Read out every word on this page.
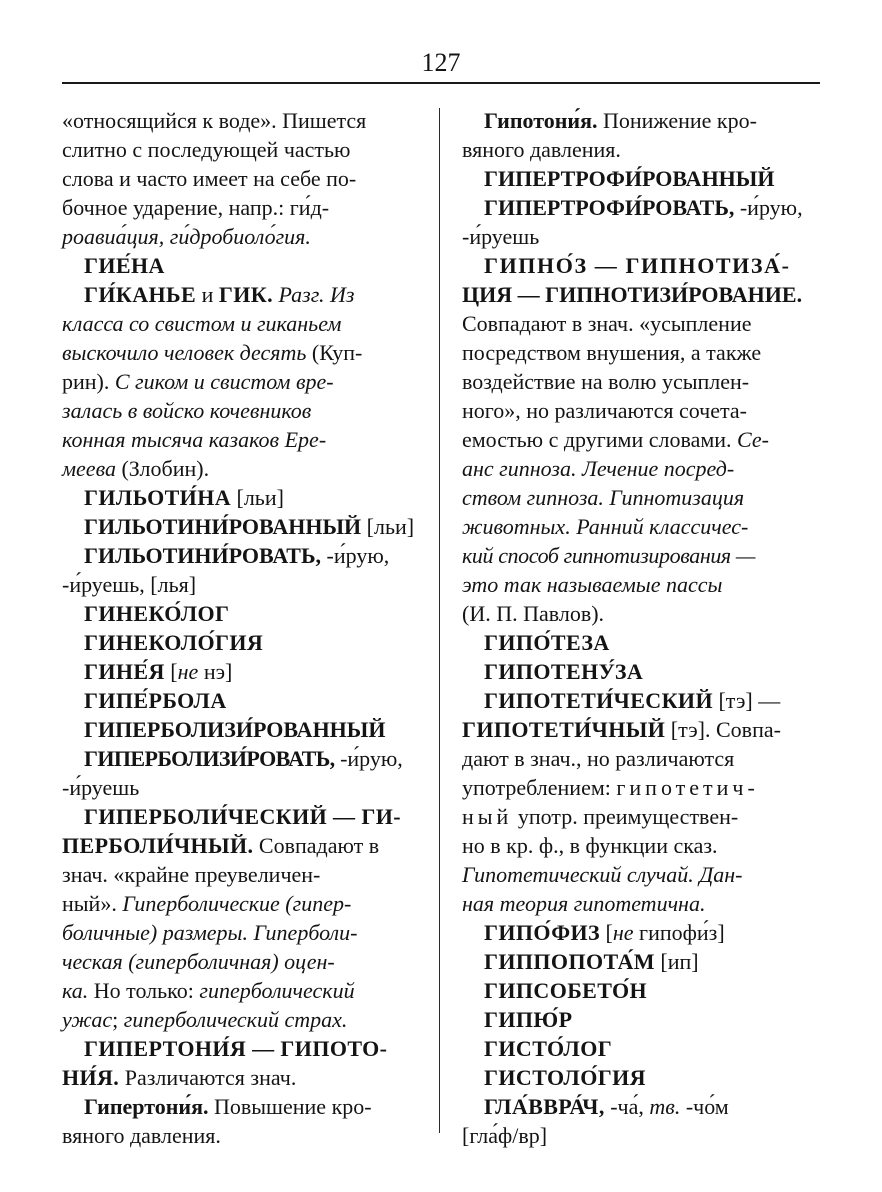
127
«относящийся к воде». Пишется
слитно с последующей частью
слова и часто имеет на себе по-
бочное ударение, напр.: ги́д-
роавиа́ция, ги́дробиоло́гия.
ГИЕ́НА
ГИ́КАНЬЕ и ГИК. Разг. Из
класса со свистом и гиканьем
выскочило человек десять (Куп-
рин). С гиком и свистом вре-
залась в войско кочевников
конная тысяча казаков Ере-
меева (Злобин).
ГИЛЬОТИ́НА [льи]
ГИЛЬОТИНИ́РОВАННЫЙ [льи]
ГИЛЬОТИНИ́РОВАТЬ, -и́рую,
-и́руешь, [лья]
ГИНЕКО́ЛОГ
ГИНЕКОЛО́ГИЯ
ГИНЕ́Я [не нэ]
ГИПЕ́РБОЛА
ГИПЕРБОЛИЗИ́РОВАННЫЙ
ГИПЕРБОЛИЗИ́РОВАТЬ, -и́рую,
-и́руешь
ГИПЕРБОЛИ́ЧЕСКИЙ — ГИ-
ПЕРБОЛИ́ЧНЫЙ. Совпадают в
знач. «крайне преувеличен-
ный». Гиперболические (гипер-
боличные) размеры. Гиперболи-
ческая (гиперболичная) оцен-
ка. Но только: гиперболический
ужас; гиперболический страх.
ГИПЕРТОНИ́Я — ГИПОТО-
НИ́Я. Различаются знач.
Гипертони́я. Повышение кро-
вяного давления.
Гипотони́я. Понижение кро-
вяного давления.
ГИПЕРТРОФИ́РОВАННЫЙ
ГИПЕРТРОФИ́РОВАТЬ, -и́рую,
-и́руешь
ГИПНО́З — ГИПНОТИЗА́-
ЦИЯ — ГИПНОТИЗИ́РОВАНИЕ.
Совпадают в знач. «усыпление
посредством внушения, а также
воздействие на волю усыплен-
ного», но различаются сочета-
емостью с другими словами. Се-
анс гипноза. Лечение посред-
ством гипноза. Гипнотизация
животных. Ранний классичес-
кий способ гипнотизирования —
это так называемые пассы
(И. П. Павлов).
ГИПО́ТЕЗА
ГИПОТЕНУ́ЗА
ГИПОТЕТИ́ЧЕСКИЙ [тэ] —
ГИПОТЕТИ́ЧНЫЙ [тэ]. Совпа-
дают в знач., но различаются
употреблением: гипотетич-
ный употр. преимуществен-
но в кр. ф., в функции сказ.
Гипотетический случай. Дан-
ная теория гипотетична.
ГИПО́ФИЗ [не гипофи́з]
ГИППОПОТА́М [ип]
ГИПСОБЕТО́Н
ГИПЮ́Р
ГИСТО́ЛОГ
ГИСТОЛО́ГИЯ
ГЛА́ВВРА́Ч, -ча́, тв. -чо́м
[гла́ф/вр]
